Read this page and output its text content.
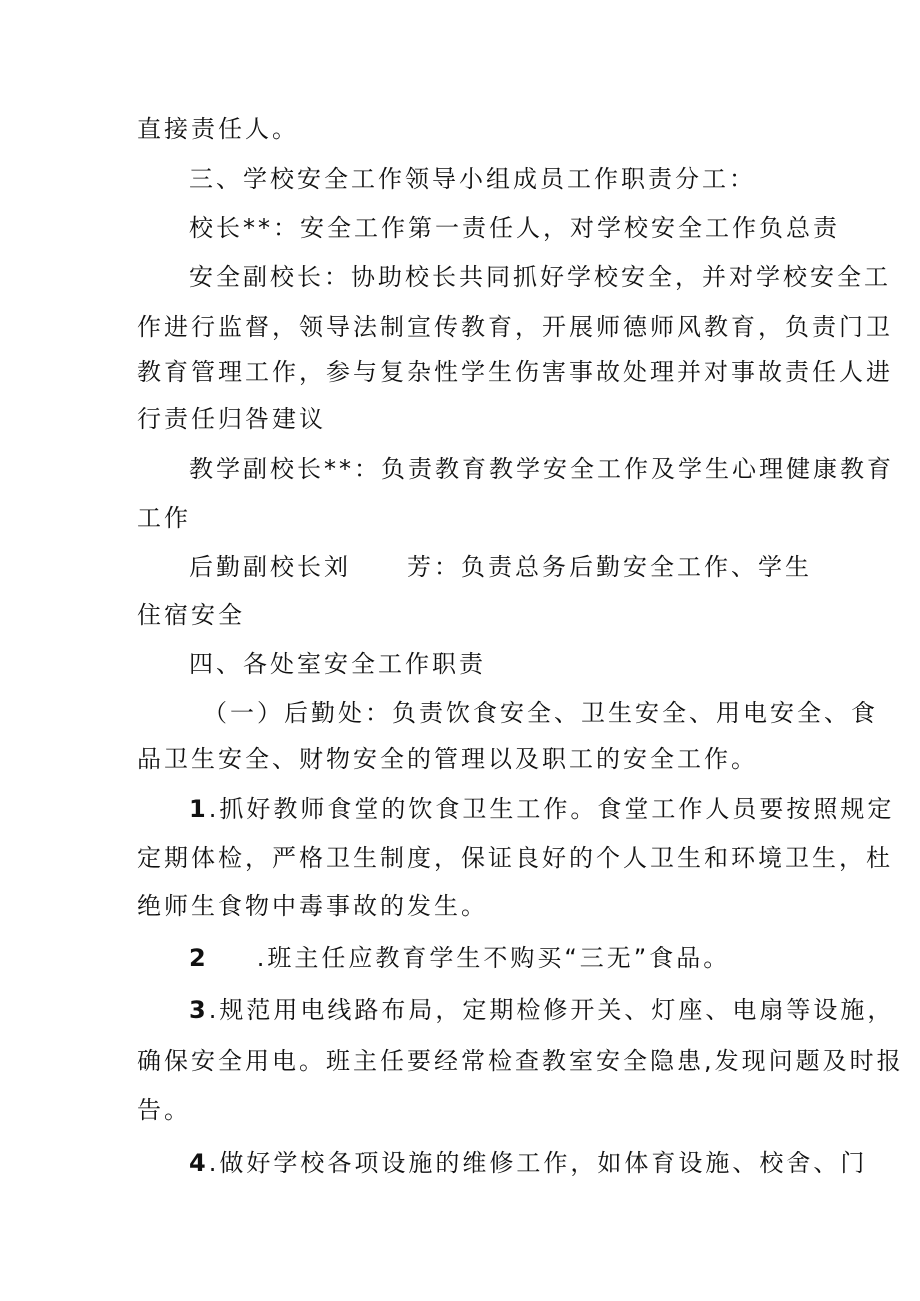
直接责任人。
三、学校安全工作领导小组成员工作职责分工：
校长**：安全工作第一责任人，对学校安全工作负总责
安全副校长：协助校长共同抓好学校安全，并对学校安全工
作进行监督，领导法制宣传教育，开展师德师风教育，负责门卫
教育管理工作，参与复杂性学生伤害事故处理并对事故责任人进
行责任归咎建议
教学副校长**：负责教育教学安全工作及学生心理健康教育
工作
后勤副校长刘 芳：负责总务后勤安全工作、学生
住宿安全
四、各处室安全工作职责
（一）后勤处：负责饮食安全、卫生安全、用电安全、食
品卫生安全、财物安全的管理以及职工的安全工作。
1.抓好教师食堂的饮食卫生工作。食堂工作人员要按照规定
定期体检，严格卫生制度，保证良好的个人卫生和环境卫生，杜
绝师生食物中毒事故的发生。
2 .班主任应教育学生不购买“三无”食品。
3.规范用电线路布局，定期检修开关、灯座、电扇等设施，
确保安全用电。班主任要经常检查教室安全隐患,发现问题及时报
告。
4.做好学校各项设施的维修工作，如体育设施、校舍、门
